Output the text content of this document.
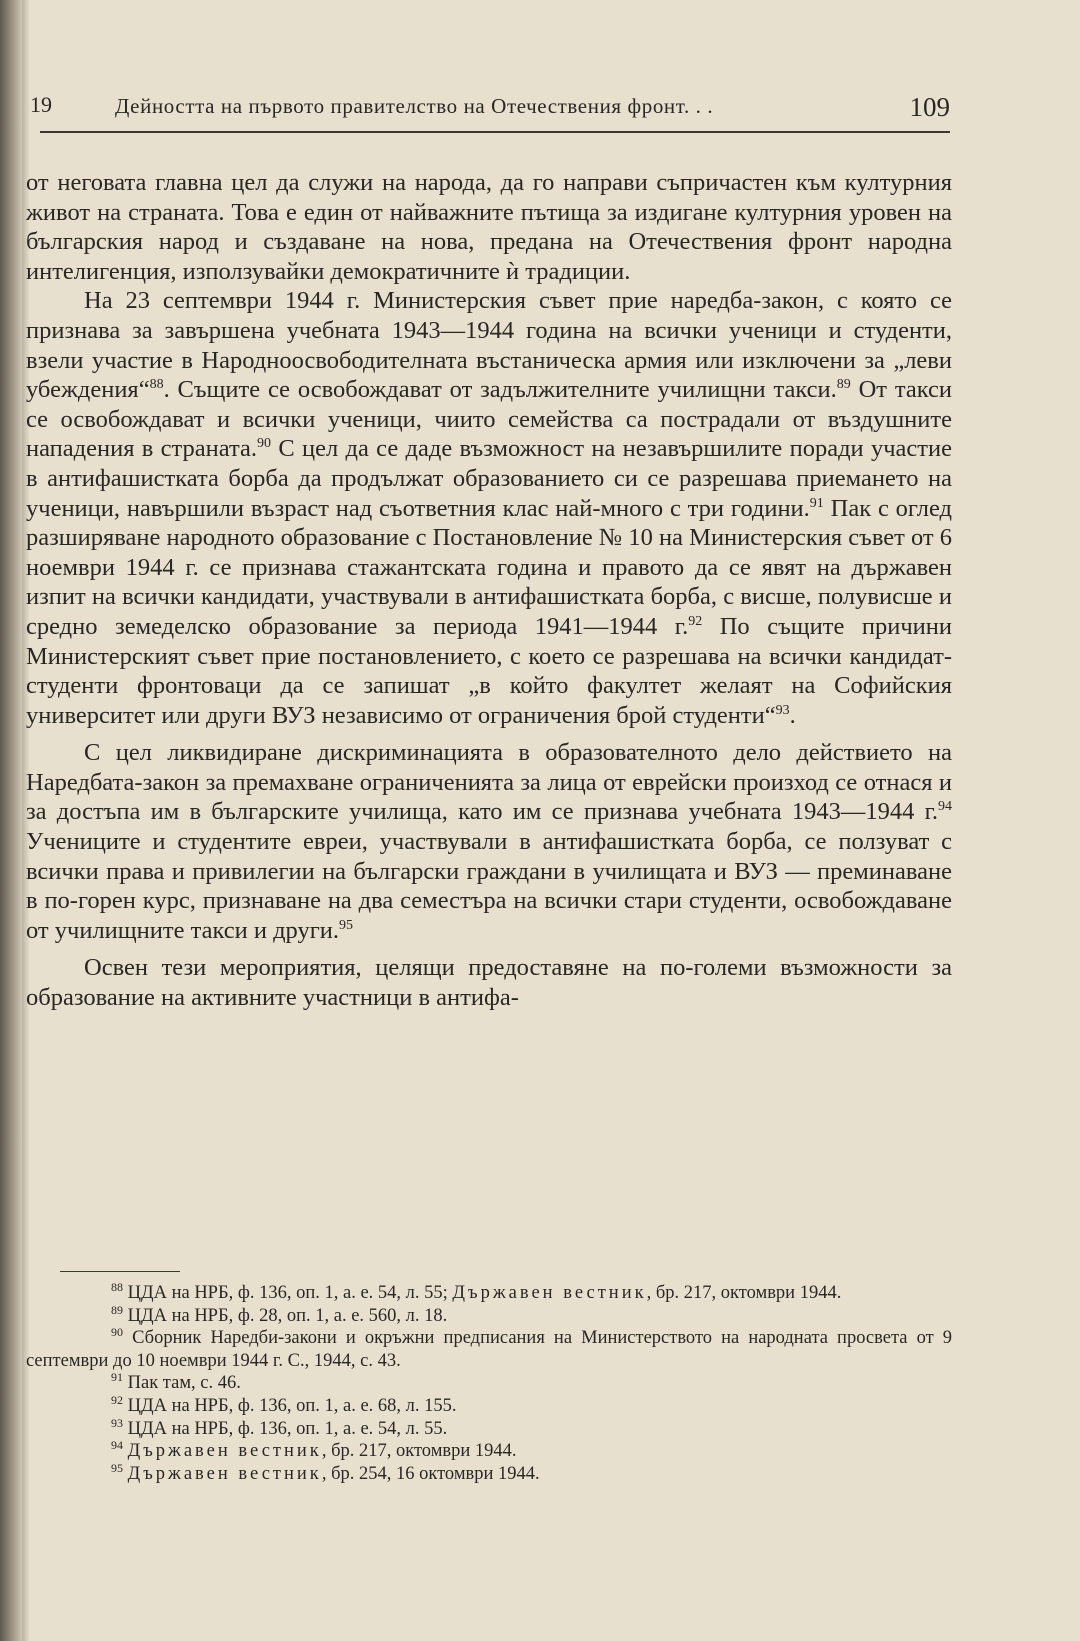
19	Дейността на първото правителство на Отечествения фронт. . .	109

от неговата главна цел да служи на народа, да го направи съпричастен към културния живот на страната. Това е един от найважните пътища за издигане културния уровен на българския народ и създаване на нова, предана на Отечествения фронт народна интелигенция, използувайки демократичните ѝ традиции.

На 23 септември 1944 г. Министерския съвет прие наредба-закон, с която се признава за завършена учебната 1943—1944 година на всички ученици и студенти, взели участие в Народноосвободителната въстаническа армия или изключени за „леви убеждения“$^{88}$. Същите се освобождават от задължителните училищни такси.$^{89}$ От такси се освобождават и всички ученици, чиито семейства са пострадали от въздушните нападения в страната.$^{90}$ С цел да се даде възможност на незавършилите поради участие в антифашистката борба да продължат образованието си се разрешава приемането на ученици, навършили възраст над съответния клас най-много с три години.$^{91}$ Пак с оглед разширяване народното образование с Постановление № 10 на Министерския съвет от 6 ноември 1944 г. се признава стажантската година и правото да се явят на държавен изпит на всички кандидати, участвували в антифашистката борба, с висше, полувисше и средно земеделско образование за периода 1941—1944 г.$^{92}$ По същите причини Министерският съвет прие постановлението, с което се разрешава на всички кандидат-студенти фронтоваци да се запишат „в който факултет желаят на Софийския университет или други ВУЗ независимо от ограничения брой студенти“$^{93}$.

С цел ликвидиране дискриминацията в образователното дело действието на Наредбата-закон за премахване ограниченията за лица от еврейски произход се отнася и за достъпа им в българските училища, като им се признава учебната 1943—1944 г.$^{94}$ Учениците и студентите евреи, участвували в антифашистката борба, се ползуват с всички права и привилегии на български граждани в училищата и ВУЗ — преминаване в по-горен курс, признаване на два семестъра на всички стари студенти, освобождаване от училищните такси и други.$^{95}$

Освен тези мероприятия, целящи предоставяне на по-големи възможности за образование на активните участници в антифа-

$^{88}$ ЦДА на НРБ, ф. 136, оп. 1, а. е. 54, л. 55; Държавен вестник, бр. 217, октомври 1944.

$^{89}$ ЦДА на НРБ, ф. 28, оп. 1, а. е. 560, л. 18.

$^{90}$ Сборник Наредби-закони и окръжни предписания на Министерството на народната просвета от 9 септември до 10 ноември 1944 г. С., 1944, с. 43.

$^{91}$ Пак там, с. 46.

$^{92}$ ЦДА на НРБ, ф. 136, оп. 1, а. е. 68, л. 155.

$^{93}$ ЦДА на НРБ, ф. 136, оп. 1, а. е. 54, л. 55.

$^{94}$ Държавен вестник, бр. 217, октомври 1944.

$^{95}$ Държавен вестник, бр. 254, 16 октомври 1944.
